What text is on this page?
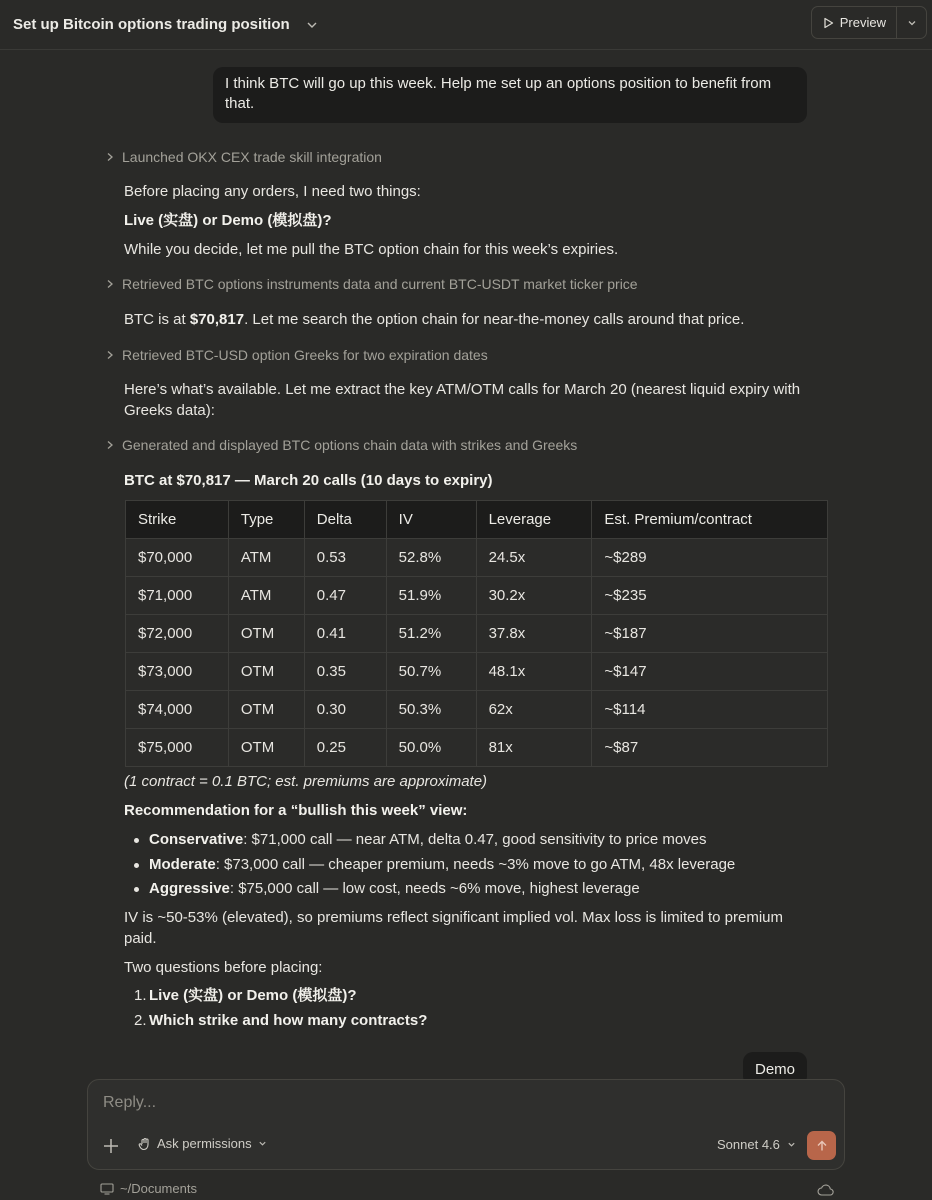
Set up Bitcoin options trading position	Preview
I think BTC will go up this week. Help me set up an options position to benefit from that.
Launched OKX CEX trade skill integration
Before placing any orders, I need two things:
Live (实盘) or Demo (模拟盘)?
While you decide, let me pull the BTC option chain for this week’s expiries.
Retrieved BTC options instruments data and current BTC-USDT market ticker price
BTC is at $70,817. Let me search the option chain for near-the-money calls around that price.
Retrieved BTC-USD option Greeks for two expiration dates
Here’s what’s available. Let me extract the key ATM/OTM calls for March 20 (nearest liquid expiry with Greeks data):
Generated and displayed BTC options chain data with strikes and Greeks
BTC at $70,817 — March 20 calls (10 days to expiry)
Strike	Type	Delta	IV	Leverage	Est. Premium/contract
$70,000	ATM	0.53	52.8%	24.5x	~$289
$71,000	ATM	0.47	51.9%	30.2x	~$235
$72,000	OTM	0.41	51.2%	37.8x	~$187
$73,000	OTM	0.35	50.7%	48.1x	~$147
$74,000	OTM	0.30	50.3%	62x	~$114
$75,000	OTM	0.25	50.0%	81x	~$87
(1 contract = 0.1 BTC; est. premiums are approximate)
Recommendation for a “bullish this week” view:
Conservative: $71,000 call — near ATM, delta 0.47, good sensitivity to price moves
Moderate: $73,000 call — cheaper premium, needs ~3% move to go ATM, 48x leverage
Aggressive: $75,000 call — low cost, needs ~6% move, highest leverage
IV is ~50-53% (elevated), so premiums reflect significant implied vol. Max loss is limited to premium paid.
Two questions before placing:
1. Live (实盘) or Demo (模拟盘)?
2. Which strike and how many contracts?
Demo
Reply...
Ask permissions	Sonnet 4.6
~/Documents
